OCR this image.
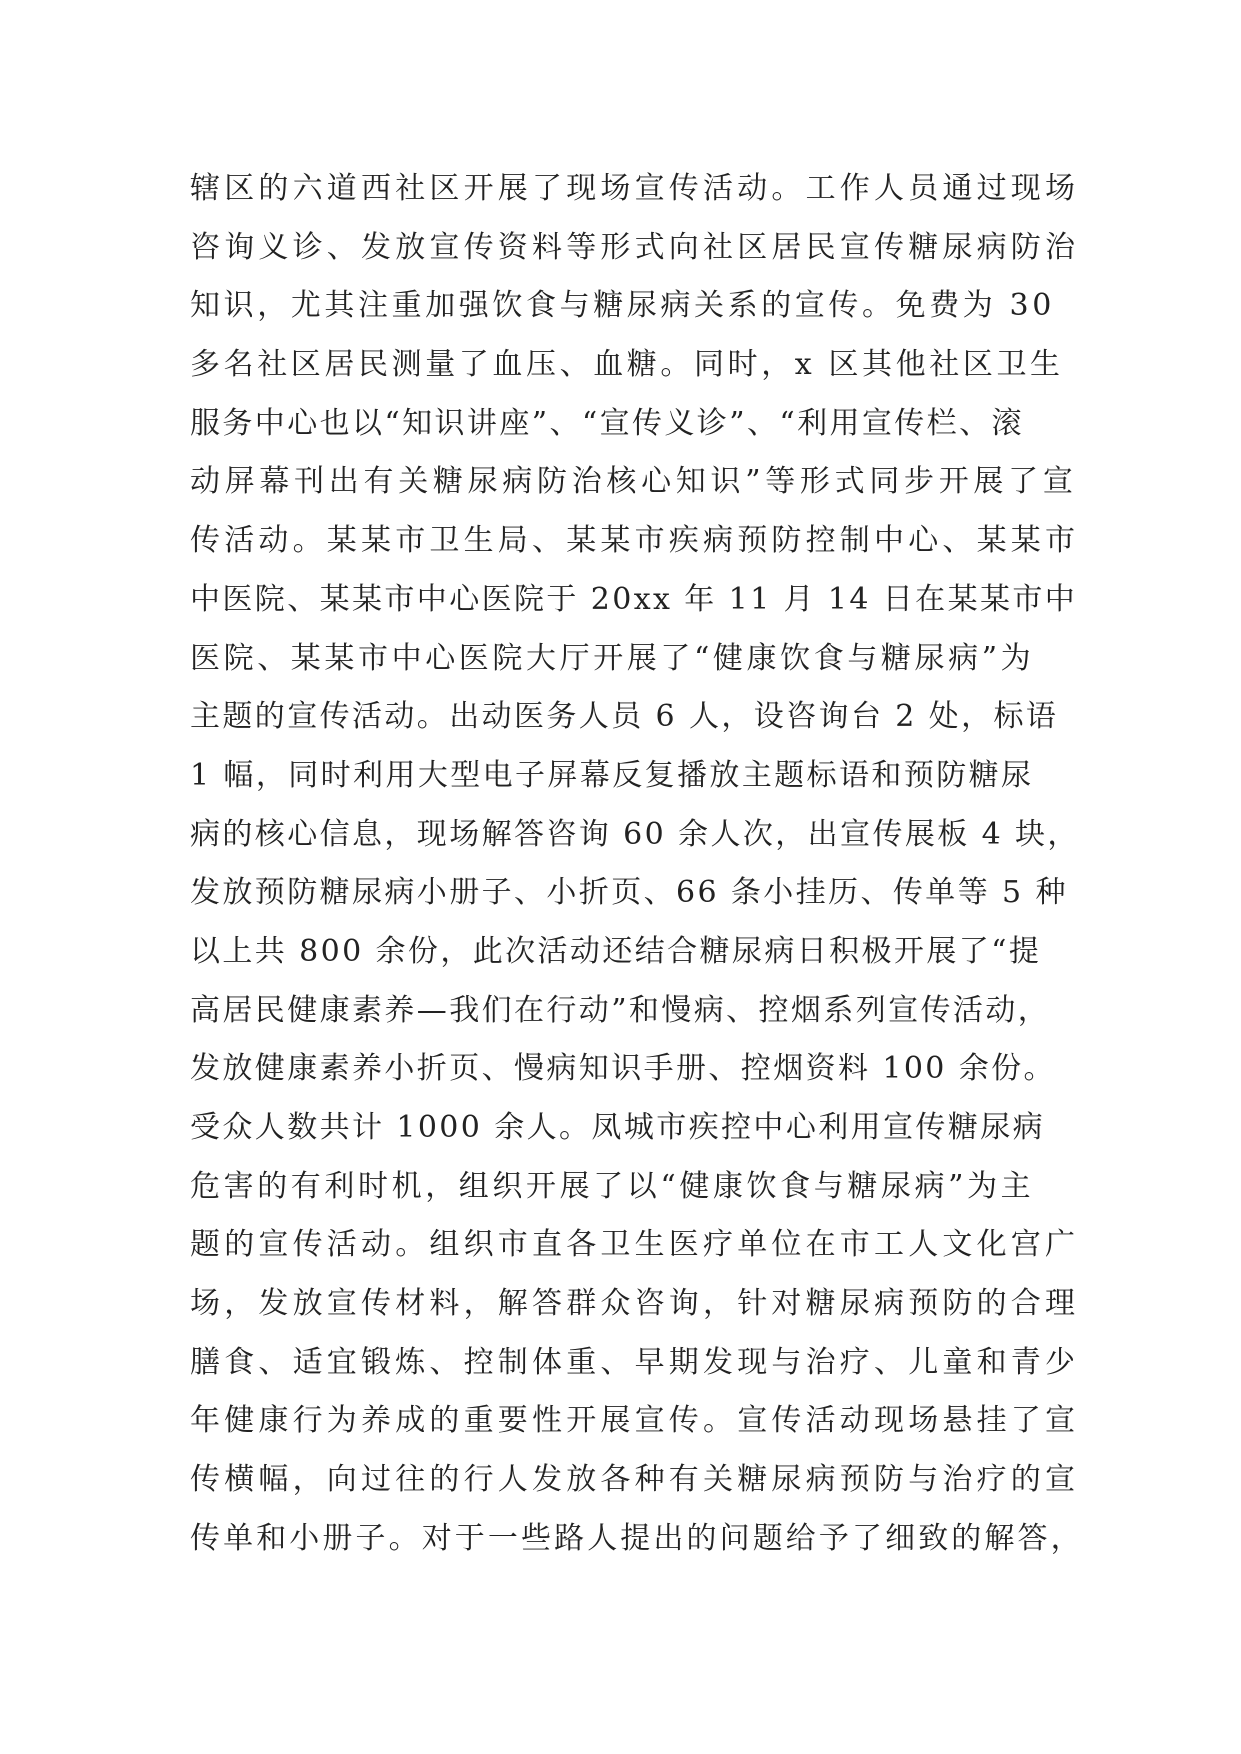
辖区的六道西社区开展了现场宣传活动。工作人员通过现场
咨询义诊、发放宣传资料等形式向社区居民宣传糖尿病防治
知识，尤其注重加强饮食与糖尿病关系的宣传。免费为 30
多名社区居民测量了血压、血糖。同时，x 区其他社区卫生
服务中心也以“知识讲座”、“宣传义诊”、“利用宣传栏、滚
动屏幕刊出有关糖尿病防治核心知识”等形式同步开展了宣
传活动。某某市卫生局、某某市疾病预防控制中心、某某市
中医院、某某市中心医院于 20xx 年 11 月 14 日在某某市中
医院、某某市中心医院大厅开展了“健康饮食与糖尿病”为
主题的宣传活动。出动医务人员 6 人，设咨询台 2 处，标语
1 幅，同时利用大型电子屏幕反复播放主题标语和预防糖尿
病的核心信息，现场解答咨询 60 余人次，出宣传展板 4 块，
发放预防糖尿病小册子、小折页、66 条小挂历、传单等 5 种
以上共 800 余份，此次活动还结合糖尿病日积极开展了“提
高居民健康素养—我们在行动”和慢病、控烟系列宣传活动，
发放健康素养小折页、慢病知识手册、控烟资料 100 余份。
受众人数共计 1000 余人。凤城市疾控中心利用宣传糖尿病
危害的有利时机，组织开展了以“健康饮食与糖尿病”为主
题的宣传活动。组织市直各卫生医疗单位在市工人文化宫广
场，发放宣传材料，解答群众咨询，针对糖尿病预防的合理
膳食、适宜锻炼、控制体重、早期发现与治疗、儿童和青少
年健康行为养成的重要性开展宣传。宣传活动现场悬挂了宣
传横幅，向过往的行人发放各种有关糖尿病预防与治疗的宣
传单和小册子。对于一些路人提出的问题给予了细致的解答，
